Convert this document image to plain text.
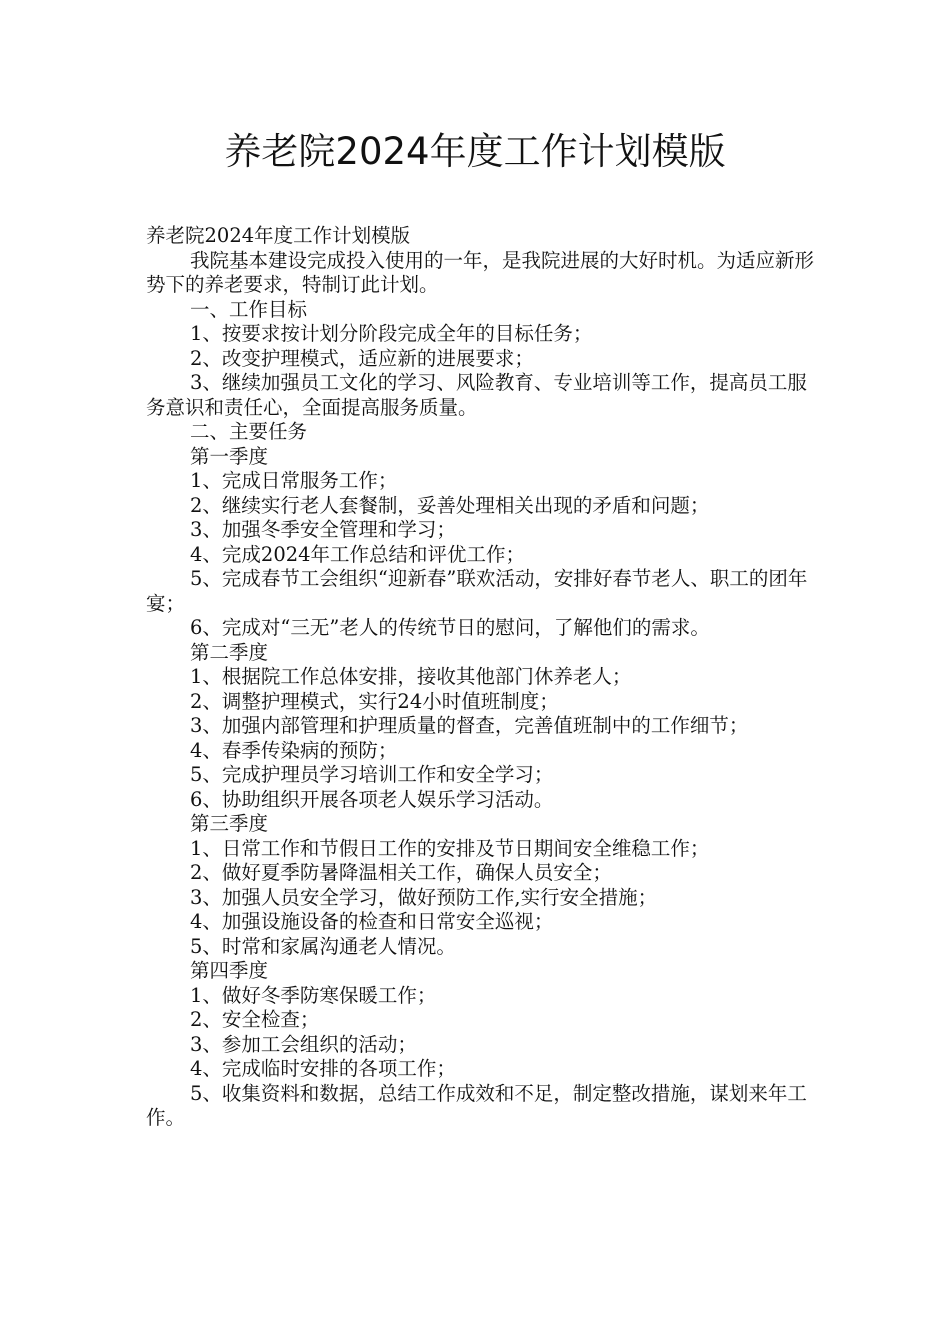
养老院2024年度工作计划模版

养老院2024年度工作计划模版

我院基本建设完成投入使用的一年，是我院进展的大好时机。为适应新形势下的养老要求，特制订此计划。

一、工作目标

1、按要求按计划分阶段完成全年的目标任务；

2、改变护理模式，适应新的进展要求；

3、继续加强员工文化的学习、风险教育、专业培训等工作，提高员工服务意识和责任心，全面提高服务质量。

二、主要任务

第一季度

1、完成日常服务工作；

2、继续实行老人套餐制，妥善处理相关出现的矛盾和问题；

3、加强冬季安全管理和学习；

4、完成2024年工作总结和评优工作；

5、完成春节工会组织“迎新春”联欢活动，安排好春节老人、职工的团年宴；

6、完成对“三无”老人的传统节日的慰问，了解他们的需求。

第二季度

1、根据院工作总体安排，接收其他部门休养老人；

2、调整护理模式，实行24小时值班制度；

3、加强内部管理和护理质量的督查，完善值班制中的工作细节；

4、春季传染病的预防；

5、完成护理员学习培训工作和安全学习；

6、协助组织开展各项老人娱乐学习活动。

第三季度

1、日常工作和节假日工作的安排及节日期间安全维稳工作；

2、做好夏季防暑降温相关工作，确保人员安全；

3、加强人员安全学习，做好预防工作,实行安全措施；

4、加强设施设备的检查和日常安全巡视；

5、时常和家属沟通老人情况。

第四季度

1、做好冬季防寒保暖工作；

2、安全检查；

3、参加工会组织的活动；

4、完成临时安排的各项工作；

5、收集资料和数据，总结工作成效和不足，制定整改措施，谋划来年工作。
